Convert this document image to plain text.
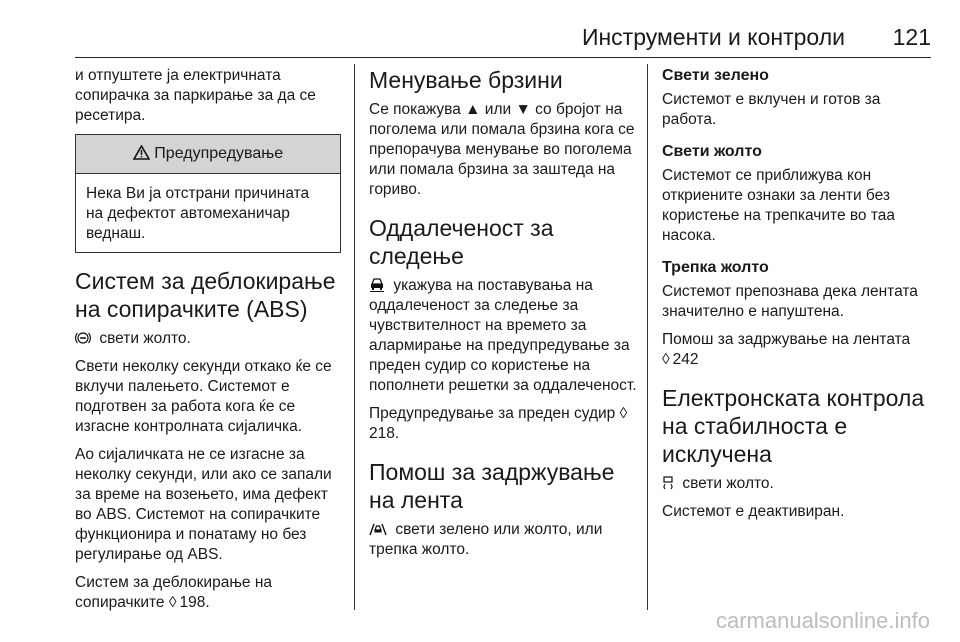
Инструменти и контроли 121

и отпуштете ја електричната сопирачка за паркирање за да се ресетира.

Предупредување
Нека Ви ја отстрани причината на дефектот автомеханичар веднаш.
Систем за деблокирање на сопирачките (ABS)

свети жолто.

Свети неколку секунди откако ќе се вклучи палењето. Системот е подготвен за работа кога ќе се изгасне контролната сијаличка.

Ао сијаличката не се изгасне за неколку секунди, или ако се запали за време на возењето, има дефект во ABS. Системот на сопирачките функционира и понатаму но без регулирање од ABS.

Систем за деблокирање на сопирачките ◊ 198.

Менување брзини

Се покажува ▲ или ▼ со бројот на поголема или помала брзина кога се препорачува менување во поголема или помала брзина за заштеда на гориво.

Оддалеченост за следење

укажува на поставувања на оддалеченост за следење за чувствителност на времето за алармирање на предупредување за преден судир со користење на пополнети решетки за оддалеченост.

Предупредување за преден судир ◊218.

Помош за задржување на лента

свети зелено или жолто, или трепка жолто.

Свети зелено

Системот е вклучен и готов за работа.

Свети жолто

Системот се приближува кон откриените ознаки за ленти без користење на трепкачите во таа насока.

Трепка жолто

Системот препознава дека лентата значително е напуштена.

Помош за задржување на лентата
◊ 242

Електронската контрола на стабилноста е исклучена

свети жолто.

Системот е деактивиран.

carmanualsonline.info
